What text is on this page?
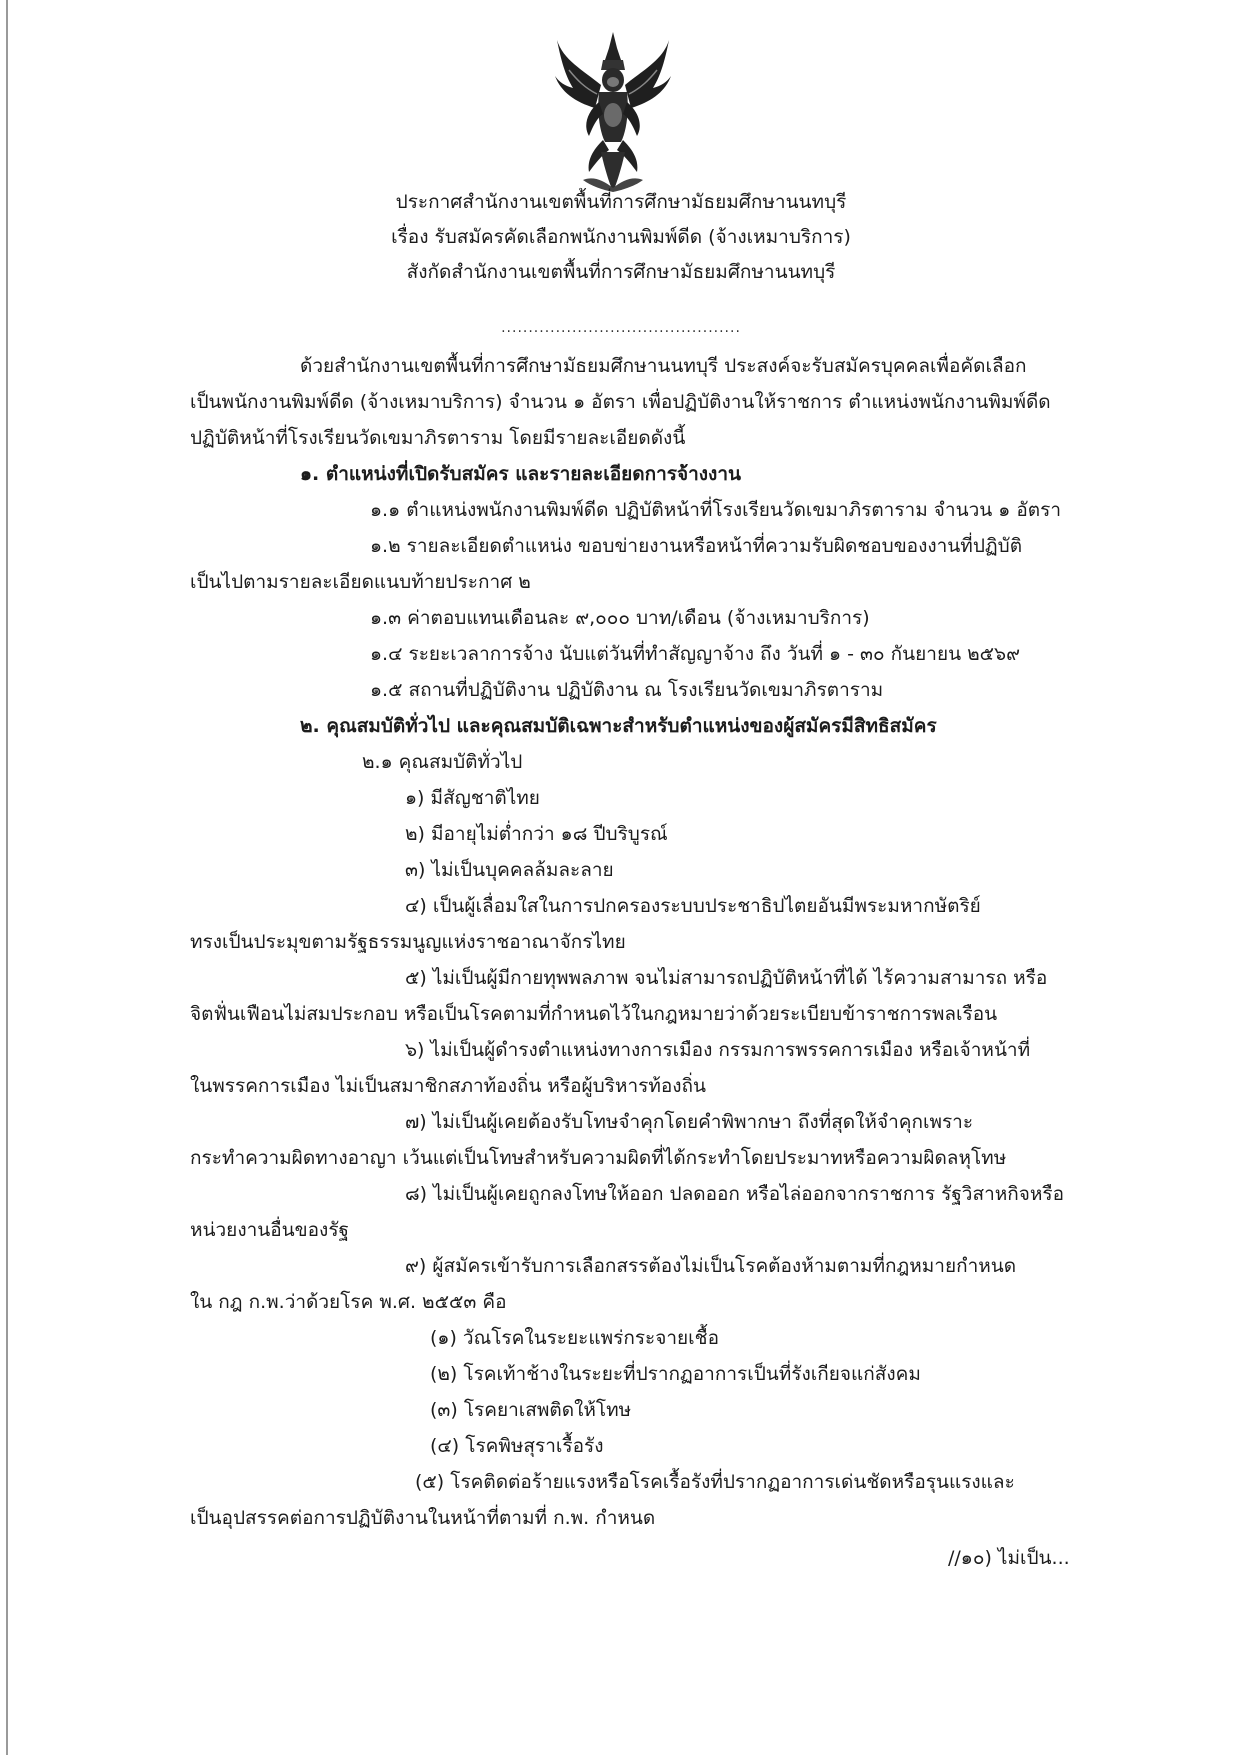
ประกาศสำนักงานเขตพื้นที่การศึกษามัธยมศึกษานนทบุรี
เรื่อง รับสมัครคัดเลือกพนักงานพิมพ์ดีด (จ้างเหมาบริการ)
สังกัดสำนักงานเขตพื้นที่การศึกษามัธยมศึกษานนทบุรี
............................................
ด้วยสำนักงานเขตพื้นที่การศึกษามัธยมศึกษานนทบุรี ประสงค์จะรับสมัครบุคคลเพื่อคัดเลือก
เป็นพนักงานพิมพ์ดีด (จ้างเหมาบริการ) จำนวน ๑ อัตรา เพื่อปฏิบัติงานให้ราชการ ตำแหน่งพนักงานพิมพ์ดีด
ปฏิบัติหน้าที่โรงเรียนวัดเขมาภิรตาราม โดยมีรายละเอียดดังนี้
๑. ตำแหน่งที่เปิดรับสมัคร และรายละเอียดการจ้างงาน
๑.๑ ตำแหน่งพนักงานพิมพ์ดีด ปฏิบัติหน้าที่โรงเรียนวัดเขมาภิรตาราม จำนวน ๑ อัตรา
๑.๒ รายละเอียดตำแหน่ง ขอบข่ายงานหรือหน้าที่ความรับผิดชอบของงานที่ปฏิบัติ
เป็นไปตามรายละเอียดแนบท้ายประกาศ ๒
๑.๓ ค่าตอบแทนเดือนละ ๙,๐๐๐ บาท/เดือน (จ้างเหมาบริการ)
๑.๔ ระยะเวลาการจ้าง นับแต่วันที่ทำสัญญาจ้าง ถึง วันที่ ๑ - ๓๐ กันยายน ๒๕๖๙
๑.๕ สถานที่ปฏิบัติงาน ปฏิบัติงาน ณ โรงเรียนวัดเขมาภิรตาราม
๒. คุณสมบัติทั่วไป และคุณสมบัติเฉพาะสำหรับตำแหน่งของผู้สมัครมีสิทธิสมัคร
๒.๑ คุณสมบัติทั่วไป
๑) มีสัญชาติไทย
๒) มีอายุไม่ต่ำกว่า ๑๘ ปีบริบูรณ์
๓) ไม่เป็นบุคคลล้มละลาย
๔) เป็นผู้เลื่อมใสในการปกครองระบบประชาธิปไตยอันมีพระมหากษัตริย์
ทรงเป็นประมุขตามรัฐธรรมนูญแห่งราชอาณาจักรไทย
๕) ไม่เป็นผู้มีกายทุพพลภาพ จนไม่สามารถปฏิบัติหน้าที่ได้ ไร้ความสามารถ หรือ
จิตฟั่นเฟือนไม่สมประกอบ หรือเป็นโรคตามที่กำหนดไว้ในกฎหมายว่าด้วยระเบียบข้าราชการพลเรือน
๖) ไม่เป็นผู้ดำรงตำแหน่งทางการเมือง กรรมการพรรคการเมือง หรือเจ้าหน้าที่
ในพรรคการเมือง ไม่เป็นสมาชิกสภาท้องถิ่น หรือผู้บริหารท้องถิ่น
๗) ไม่เป็นผู้เคยต้องรับโทษจำคุกโดยคำพิพากษา ถึงที่สุดให้จำคุกเพราะ
กระทำความผิดทางอาญา เว้นแต่เป็นโทษสำหรับความผิดที่ได้กระทำโดยประมาทหรือความผิดลหุโทษ
๘) ไม่เป็นผู้เคยถูกลงโทษให้ออก ปลดออก หรือไล่ออกจากราชการ รัฐวิสาหกิจหรือ
หน่วยงานอื่นของรัฐ
๙) ผู้สมัครเข้ารับการเลือกสรรต้องไม่เป็นโรคต้องห้ามตามที่กฎหมายกำหนด
ใน กฎ ก.พ.ว่าด้วยโรค พ.ศ. ๒๕๕๓ คือ
(๑) วัณโรคในระยะแพร่กระจายเชื้อ
(๒) โรคเท้าช้างในระยะที่ปรากฏอาการเป็นที่รังเกียจแก่สังคม
(๓) โรคยาเสพติดให้โทษ
(๔) โรคพิษสุราเรื้อรัง
(๕) โรคติดต่อร้ายแรงหรือโรคเรื้อรังที่ปรากฏอาการเด่นชัดหรือรุนแรงและ
เป็นอุปสรรคต่อการปฏิบัติงานในหน้าที่ตามที่ ก.พ. กำหนด
//๑๐) ไม่เป็น...
